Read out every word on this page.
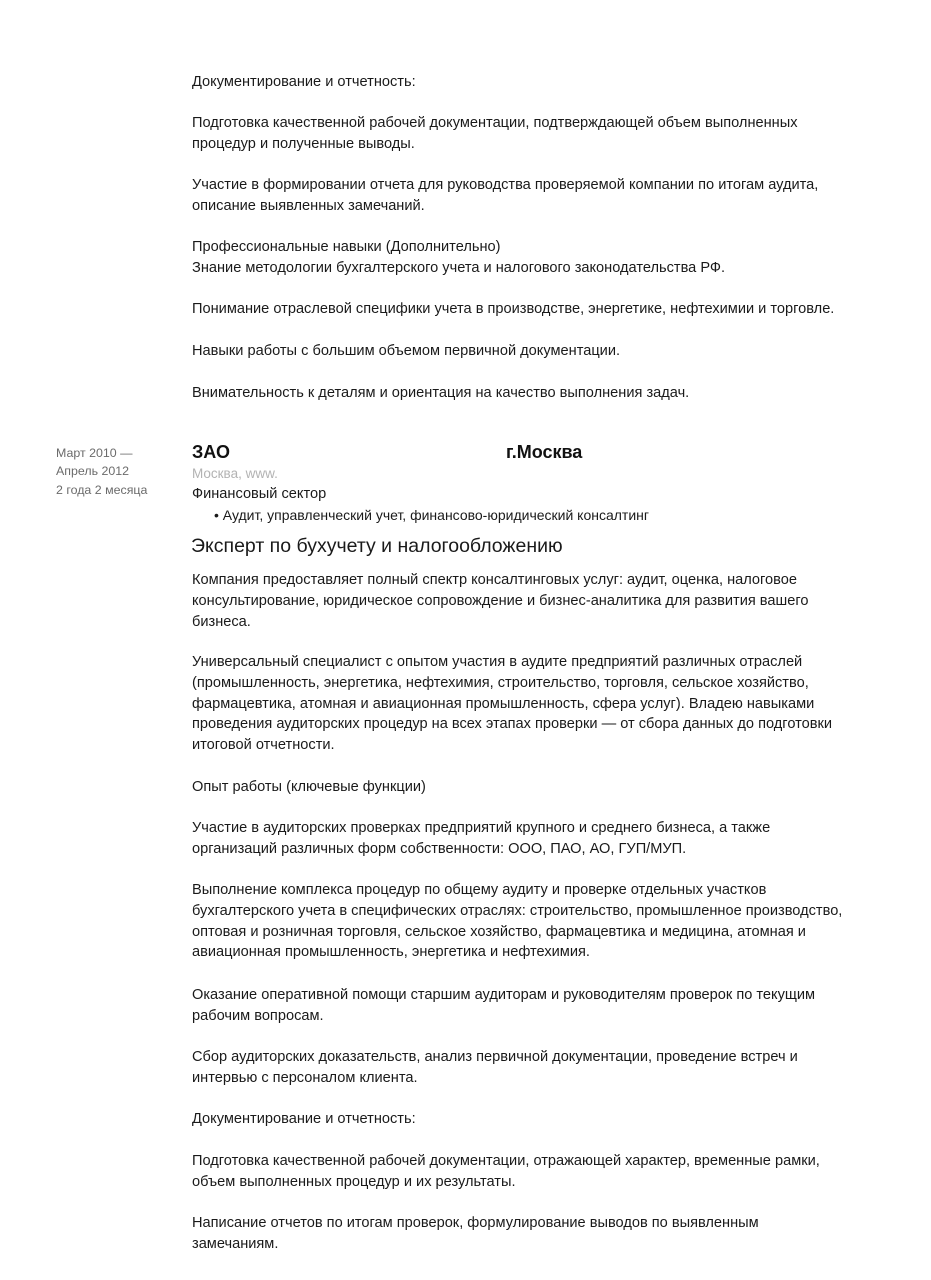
Документирование и отчетность:

Подготовка качественной рабочей документации, подтверждающей объем выполненных
процедур и полученные выводы.

Участие в формировании отчета для руководства проверяемой компании по итогам аудита,
описание выявленных замечаний.

Профессиональные навыки (Дополнительно)
Знание методологии бухгалтерского учета и налогового законодательства РФ.

Понимание отраслевой специфики учета в производстве, энергетике, нефтехимии и торговле.

Навыки работы с большим объемом первичной документации.

Внимательность к деталям и ориентация на качество выполнения задач.

Март 2010 —
Апрель 2012
2 года 2 месяца
ЗАО	г.Москва
Москва, www.
Финансовый сектор
• Аудит, управленческий учет, финансово-юридический консалтинг
Эксперт по бухучету и налогообложению

Компания предоставляет полный спектр консалтинговых услуг: аудит, оценка, налоговое
консультирование, юридическое сопровождение и бизнес-аналитика для развития вашего
бизнеса.

Универсальный специалист с опытом участия в аудите предприятий различных отраслей
(промышленность, энергетика, нефтехимия, строительство, торговля, сельское хозяйство,
фармацевтика, атомная и авиационная промышленность, сфера услуг). Владею навыками
проведения аудиторских процедур на всех этапах проверки — от сбора данных до подготовки
итоговой отчетности.

Опыт работы (ключевые функции)

Участие в аудиторских проверках предприятий крупного и среднего бизнеса, а также
организаций различных форм собственности: ООО, ПАО, АО, ГУП/МУП.

Выполнение комплекса процедур по общему аудиту и проверке отдельных участков
бухгалтерского учета в специфических отраслях: строительство, промышленное производство,
оптовая и розничная торговля, сельское хозяйство, фармацевтика и медицина, атомная и
авиационная промышленность, энергетика и нефтехимия.

Оказание оперативной помощи старшим аудиторам и руководителям проверок по текущим
рабочим вопросам.

Сбор аудиторских доказательств, анализ первичной документации, проведение встреч и
интервью с персоналом клиента.

Документирование и отчетность:

Подготовка качественной рабочей документации, отражающей характер, временные рамки,
объем выполненных процедур и их результаты.

Написание отчетов по итогам проверок, формулирование выводов по выявленным
замечаниям.
